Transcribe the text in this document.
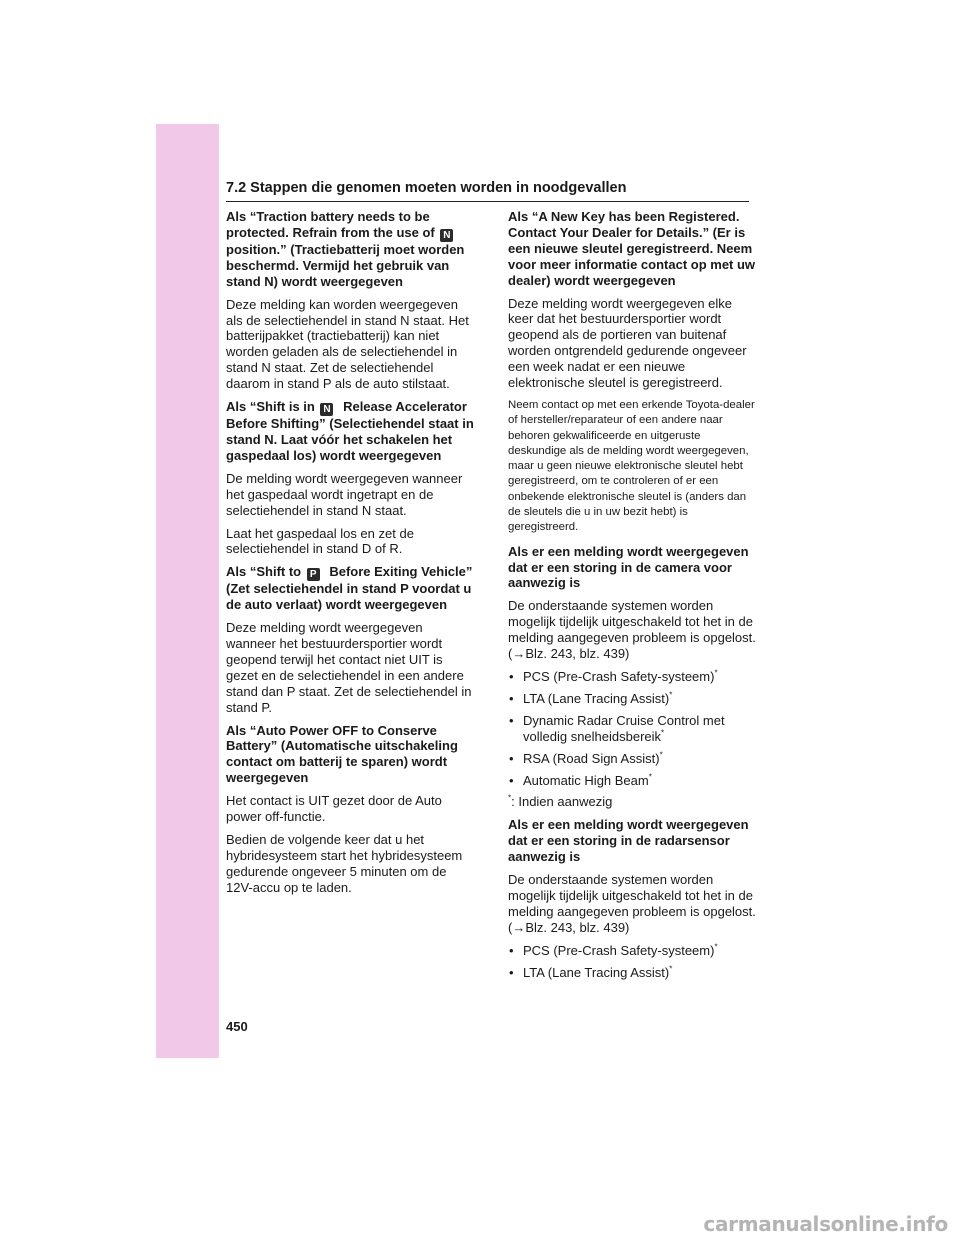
7.2 Stappen die genomen moeten worden in noodgevallen
Als “Traction battery needs to be protected. Refrain from the use of N position.” (Tractiebatterij moet worden beschermd. Vermijd het gebruik van stand N) wordt weergegeven

Deze melding kan worden weergegeven als de selectiehendel in stand N staat. Het batterijpakket (tractiebatterij) kan niet worden geladen als de selectiehendel in stand N staat. Zet de selectiehendel daarom in stand P als de auto stilstaat.

Als “Shift is in N Release Accelerator Before Shifting” (Selectiehendel staat in stand N. Laat vóór het schakelen het gaspedaal los) wordt weergegeven

De melding wordt weergegeven wanneer het gaspedaal wordt ingetrapt en de selectiehendel in stand N staat.

Laat het gaspedaal los en zet de selectiehendel in stand D of R.

Als “Shift to P Before Exiting Vehicle” (Zet selectiehendel in stand P voordat u de auto verlaat) wordt weergegeven

Deze melding wordt weergegeven wanneer het bestuurdersportier wordt geopend terwijl het contact niet UIT is gezet en de selectiehendel in een andere stand dan P staat. Zet de selectiehendel in stand P.

Als “Auto Power OFF to Conserve Battery” (Automatische uitschakeling contact om batterij te sparen) wordt weergegeven

Het contact is UIT gezet door de Auto power off-functie.

Bedien de volgende keer dat u het hybridesysteem start het hybridesysteem gedurende ongeveer 5 minuten om de 12V-accu op te laden.

Als “A New Key has been Registered. Contact Your Dealer for Details.” (Er is een nieuwe sleutel geregistreerd. Neem voor meer informatie contact op met uw dealer) wordt weergegeven

Deze melding wordt weergegeven elke keer dat het bestuurdersportier wordt geopend als de portieren van buitenaf worden ontgrendeld gedurende ongeveer een week nadat er een nieuwe elektronische sleutel is geregistreerd.

Neem contact op met een erkende Toyota-dealer of hersteller/reparateur of een andere naar behoren gekwalificeerde en uitgeruste deskundige als de melding wordt weergegeven, maar u geen nieuwe elektronische sleutel hebt geregistreerd, om te controleren of er een onbekende elektronische sleutel is (anders dan de sleutels die u in uw bezit hebt) is geregistreerd.

Als er een melding wordt weergegeven dat er een storing in de camera voor aanwezig is

De onderstaande systemen worden mogelijk tijdelijk uitgeschakeld tot het in de melding aangegeven probleem is opgelost. (→Blz. 243, blz. 439)

• PCS (Pre-Crash Safety-systeem)*
• LTA (Lane Tracing Assist)*
• Dynamic Radar Cruise Control met volledig snelheidsbereik*
• RSA (Road Sign Assist)*
• Automatic High Beam*

*: Indien aanwezig

Als er een melding wordt weergegeven dat er een storing in de radarsensor aanwezig is

De onderstaande systemen worden mogelijk tijdelijk uitgeschakeld tot het in de melding aangegeven probleem is opgelost. (→Blz. 243, blz. 439)

• PCS (Pre-Crash Safety-systeem)*
• LTA (Lane Tracing Assist)*
450
carmanualsonline.info
